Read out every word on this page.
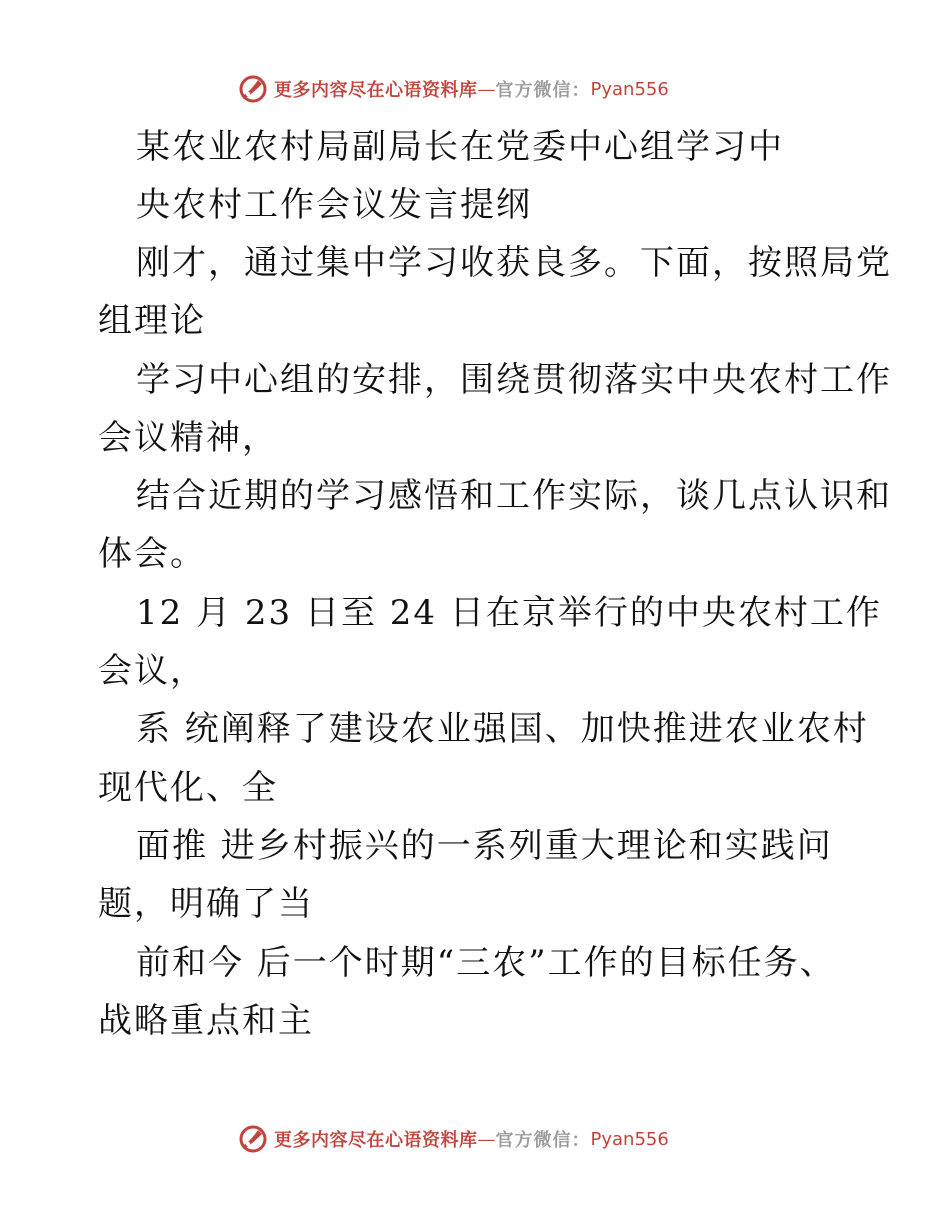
更多内容尽在心语资料库 — 官方微信： Pyan556

某农业农村局副局长在党委中心组学习中

央农村工作会议发言提纲

刚才，通过集中学习收获良多。下面，按照局党

组理论

学习中心组的安排，围绕贯彻落实中央农村工作

会议精神，

结合近期的学习感悟和工作实际，谈几点认识和

体会。

12 月 23 日至 24 日在京举行的中央农村工作

会议，

系 统阐释了建设农业强国、加快推进农业农村

现代化、全

面推 进乡村振兴的一系列重大理论和实践问

题，明确了当

前和今 后一个时期“三农”工作的目标任务、

战略重点和主

更多内容尽在心语资料库 — 官方微信： Pyan556
